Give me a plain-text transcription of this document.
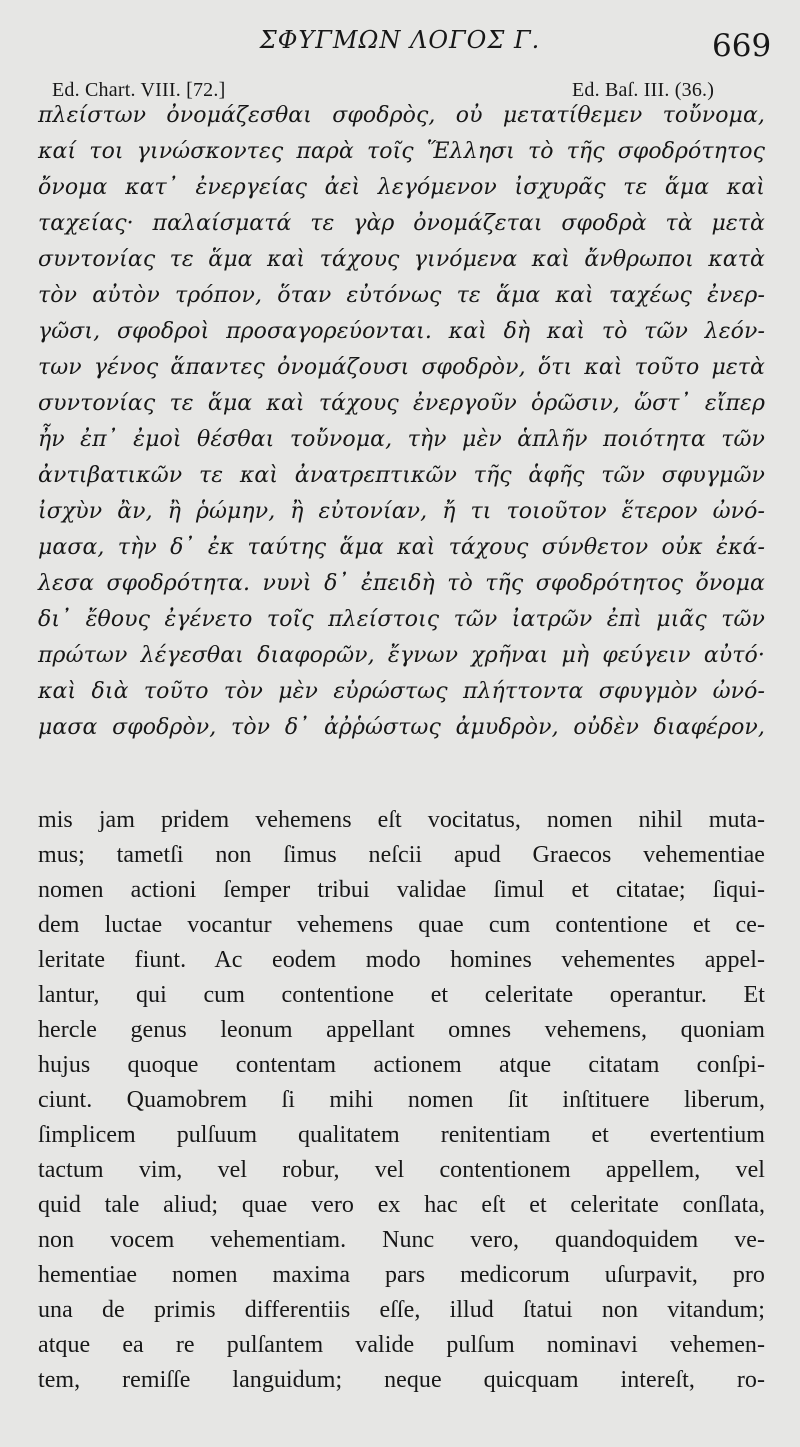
ΣΦΥΓΜΩΝ ΛΟΓΟΣ Γ.	669
Ed. Chart. VIII. [72.]	Ed. Baſ. III. (36.)
πλείστων ὀνομάζεσθαι σφοδρὸς, οὐ μετατίθεμεν τοὔνομα,
καί τοι γινώσκοντες παρὰ τοῖς Ἕλλησι τὸ τῆς σφοδρότητος
ὄνομα κατ᾽ ἐνεργείας ἀεὶ λεγόμενον ἰσχυρᾶς τε ἅμα καὶ
ταχείας· παλαίσματά τε γὰρ ὀνομάζεται σφοδρὰ τὰ μετὰ
συντονίας τε ἅμα καὶ τάχους γινόμενα καὶ ἄνθρωποι κατὰ
τὸν αὐτὸν τρόπον, ὅταν εὐτόνως τε ἅμα καὶ ταχέως ἐνερ-
γῶσι, σφοδροὶ προσαγορεύονται. καὶ δὴ καὶ τὸ τῶν λεόν-
των γένος ἅπαντες ὀνομάζουσι σφοδρὸν, ὅτι καὶ τοῦτο μετὰ
συντονίας τε ἅμα καὶ τάχους ἐνεργοῦν ὁρῶσιν, ὥστ᾽ εἴπερ
ἦν ἐπ᾽ ἐμοὶ θέσθαι τοὔνομα, τὴν μὲν ἁπλῆν ποιότητα τῶν
ἀντιβατικῶν τε καὶ ἀνατρεπτικῶν τῆς ἁφῆς τῶν σφυγμῶν
ἰσχὺν ἂν, ἢ ῥώμην, ἢ εὐτονίαν, ἤ τι τοιοῦτον ἕτερον ὠνό-
μασα, τὴν δ᾽ ἐκ ταύτης ἅμα καὶ τάχους σύνθετον οὐκ ἐκά-
λεσα σφοδρότητα. νυνὶ δ᾽ ἐπειδὴ τὸ τῆς σφοδρότητος ὄνομα
δι᾽ ἔθους ἐγένετο τοῖς πλείστοις τῶν ἰατρῶν ἐπὶ μιᾶς τῶν
πρώτων λέγεσθαι διαφορῶν, ἔγνων χρῆναι μὴ φεύγειν αὐτό·
καὶ διὰ τοῦτο τὸν μὲν εὐρώστως πλήττοντα σφυγμὸν ὠνό-
μασα σφοδρὸν, τὸν δ᾽ ἀῤῥώστως ἀμυδρὸν, οὐδὲν διαφέρον,
mis jam pridem vehemens eſt vocitatus, nomen nihil muta-
mus; tametſi non ſimus neſcii apud Graecos vehementiae
nomen actioni ſemper tribui validae ſimul et citatae; ſiqui-
dem luctae vocantur vehemens quae cum contentione et ce-
leritate fiunt. Ac eodem modo homines vehementes appel-
lantur, qui cum contentione et celeritate operantur. Et
hercle genus leonum appellant omnes vehemens, quoniam
hujus quoque contentam actionem atque citatam conſpi-
ciunt. Quamobrem ſi mihi nomen ſit inſtituere liberum,
ſimplicem pulſuum qualitatem renitentiam et evertentium
tactum vim, vel robur, vel contentionem appellem, vel
quid tale aliud; quae vero ex hac eſt et celeritate conſlata,
non vocem vehementiam. Nunc vero, quandoquidem ve-
hementiae nomen maxima pars medicorum uſurpavit, pro
una de primis differentiis eſſe, illud ſtatui non vitandum;
atque ea re pulſantem valide pulſum nominavi vehemen-
tem, remiſſe languidum; neque quicquam intereſt, ro-
